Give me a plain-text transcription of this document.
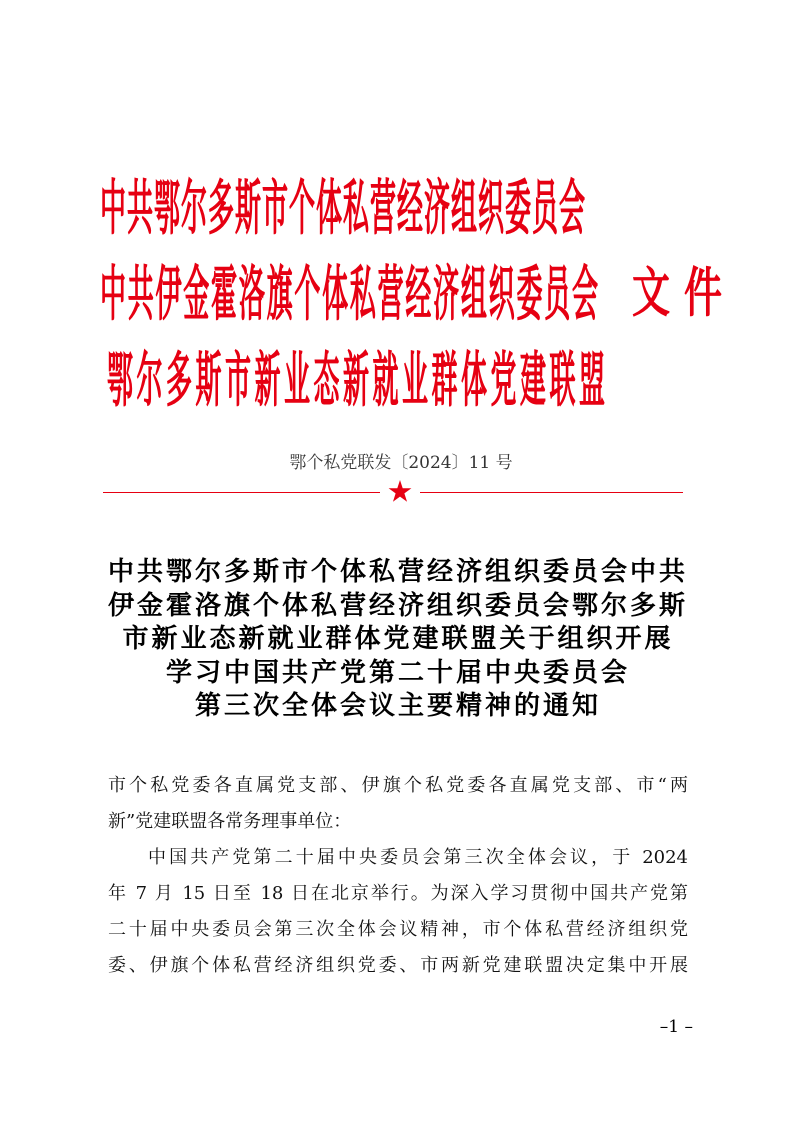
中共鄂尔多斯市个体私营经济组织委员会
中共伊金霍洛旗个体私营经济组织委员会
鄂尔多斯市新业态新就业群体党建联盟
文 件
鄂个私党联发〔2024〕11 号
中共鄂尔多斯市个体私营经济组织委员会中共
伊金霍洛旗个体私营经济组织委员会鄂尔多斯
市新业态新就业群体党建联盟关于组织开展
学习中国共产党第二十届中央委员会
第三次全体会议主要精神的通知
市个私党委各直属党支部、伊旗个私党委各直属党支部、市“两
新”党建联盟各常务理事单位：
中国共产党第二十届中央委员会第三次全体会议，于 2024
年 7 月 15 日至 18 日在北京举行。为深入学习贯彻中国共产党第
二十届中央委员会第三次全体会议精神，市个体私营经济组织党
委、伊旗个体私营经济组织党委、市两新党建联盟决定集中开展
–1 –
